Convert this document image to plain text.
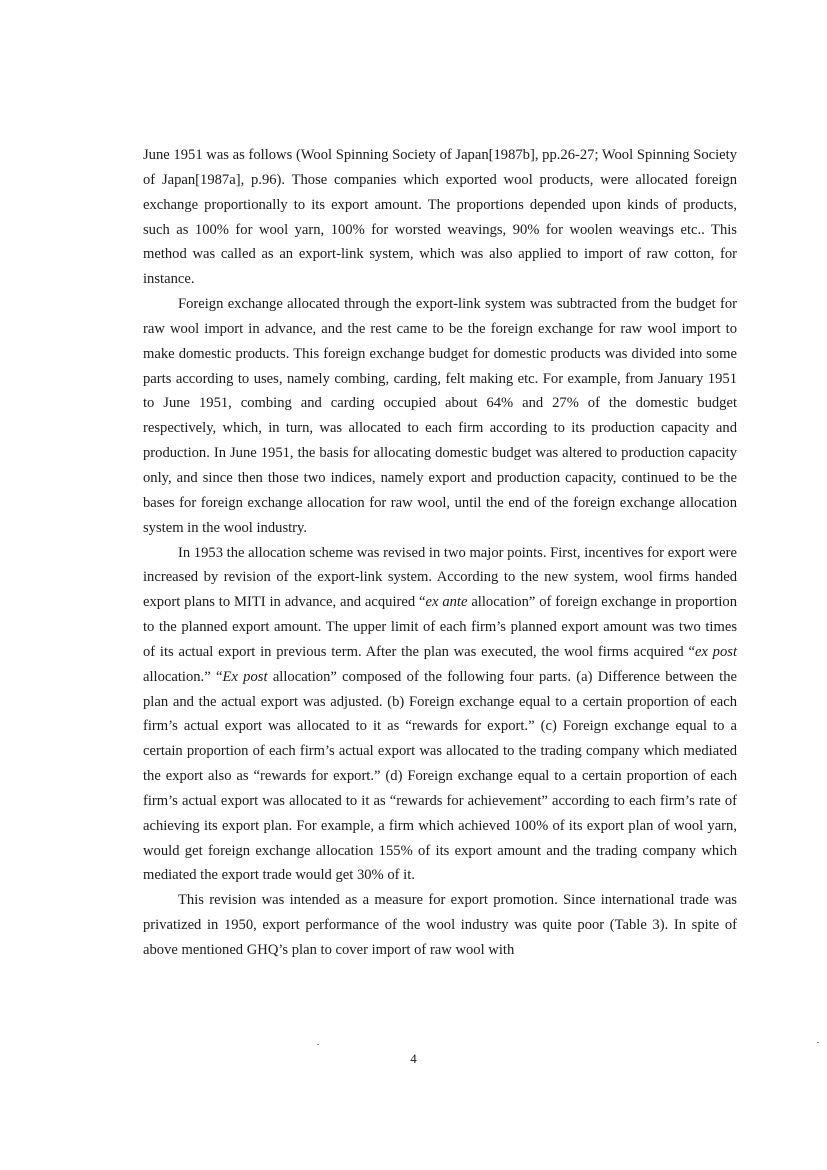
June 1951 was as follows (Wool Spinning Society of Japan[1987b], pp.26-27; Wool Spinning Society of Japan[1987a], p.96). Those companies which exported wool products, were allocated foreign exchange proportionally to its export amount. The proportions depended upon kinds of products, such as 100% for wool yarn, 100% for worsted weavings, 90% for woolen weavings etc.. This method was called as an export-link system, which was also applied to import of raw cotton, for instance.

Foreign exchange allocated through the export-link system was subtracted from the budget for raw wool import in advance, and the rest came to be the foreign exchange for raw wool import to make domestic products. This foreign exchange budget for domestic products was divided into some parts according to uses, namely combing, carding, felt making etc. For example, from January 1951 to June 1951, combing and carding occupied about 64% and 27% of the domestic budget respectively, which, in turn, was allocated to each firm according to its production capacity and production. In June 1951, the basis for allocating domestic budget was altered to production capacity only, and since then those two indices, namely export and production capacity, continued to be the bases for foreign exchange allocation for raw wool, until the end of the foreign exchange allocation system in the wool industry.

In 1953 the allocation scheme was revised in two major points. First, incentives for export were increased by revision of the export-link system. According to the new system, wool firms handed export plans to MITI in advance, and acquired “ex ante allocation” of foreign exchange in proportion to the planned export amount. The upper limit of each firm’s planned export amount was two times of its actual export in previous term. After the plan was executed, the wool firms acquired “ex post allocation.” “Ex post allocation” composed of the following four parts. (a) Difference between the plan and the actual export was adjusted. (b) Foreign exchange equal to a certain proportion of each firm’s actual export was allocated to it as “rewards for export.” (c) Foreign exchange equal to a certain proportion of each firm’s actual export was allocated to the trading company which mediated the export also as “rewards for export.” (d) Foreign exchange equal to a certain proportion of each firm’s actual export was allocated to it as “rewards for achievement” according to each firm’s rate of achieving its export plan. For example, a firm which achieved 100% of its export plan of wool yarn, would get foreign exchange allocation 155% of its export amount and the trading company which mediated the export trade would get 30% of it.

This revision was intended as a measure for export promotion. Since international trade was privatized in 1950, export performance of the wool industry was quite poor (Table 3). In spite of above mentioned GHQ’s plan to cover import of raw wool with

4
